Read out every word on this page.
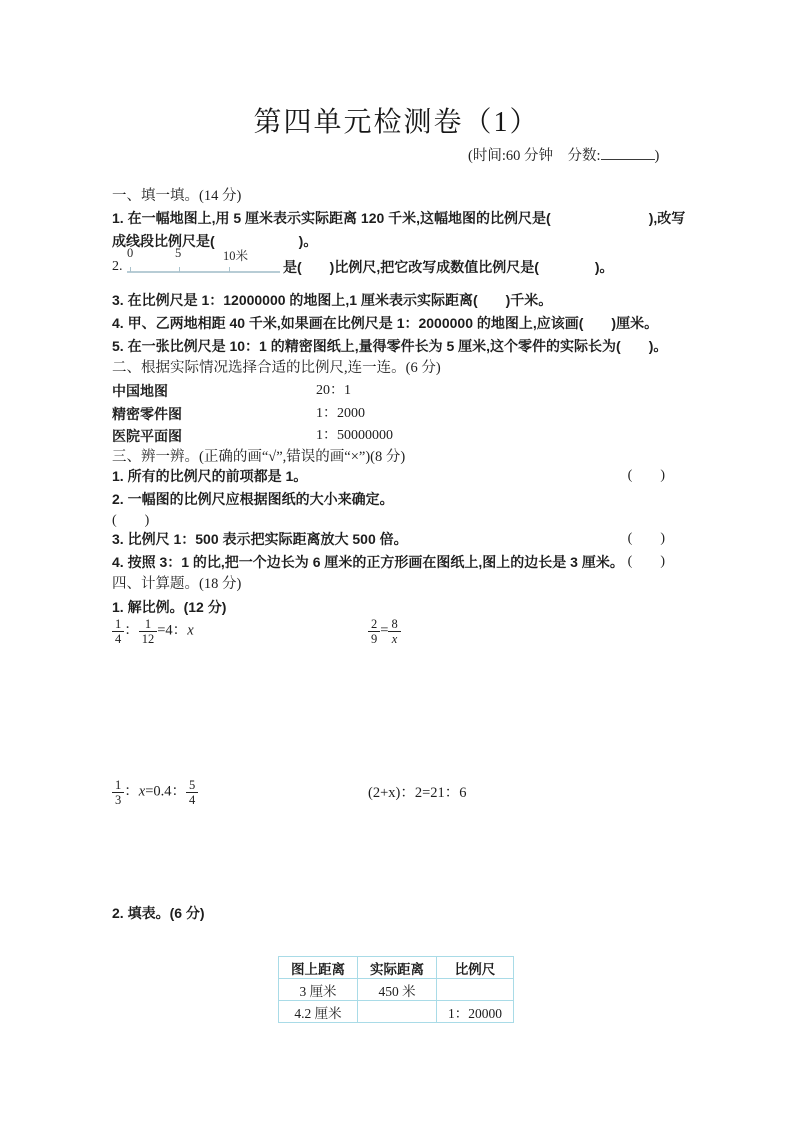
第四单元检测卷（1）
(时间:60 分钟　分数:	)
一、填一填。(14 分)
1. 在一幅地图上,用 5 厘米表示实际距离 120 千米,这幅地图的比例尺是(　　　　　　　),改写
成线段比例尺是(　　　　　　)。
2.
0	5	10米
是(　　)比例尺,把它改写成数值比例尺是(　　　　)。
3. 在比例尺是 1：12000000 的地图上,1 厘米表示实际距离(　　)千米。
4. 甲、乙两地相距 40 千米,如果画在比例尺是 1：2000000 的地图上,应该画(　　)厘米。
5. 在一张比例尺是 10：1 的精密图纸上,量得零件长为 5 厘米,这个零件的实际长为(　　)。
二、根据实际情况选择合适的比例尺,连一连。(6 分)
中国地图	20：1
精密零件图	1：2000
医院平面图	1：50000000
三、辨一辨。(正确的画“√”,错误的画“×”)(8 分)
1. 所有的比例尺的前项都是 1。	(　　)
2. 一幅图的比例尺应根据图纸的大小来确定。
(　　)
3. 比例尺 1：500 表示把实际距离放大 500 倍。	(　　)
4. 按照 3：1 的比,把一个边长为 6 厘米的正方形画在图纸上,图上的边长是 3 厘米。 (　　)
四、计算题。(18 分)
1. 解比例。(12 分)
$\frac{1}{4}$ ： $\frac{1}{12} =4$：x	$\frac{2}{9} = \frac{8}{x}$
$\frac{1}{3}$ ：x=0.4： $\frac{5}{4}$	(2+x)：2=21：6
2. 填表。(6 分)
图上距离	实际距离	比例尺
3 厘米	450 米	
4.2 厘米		1：20000
